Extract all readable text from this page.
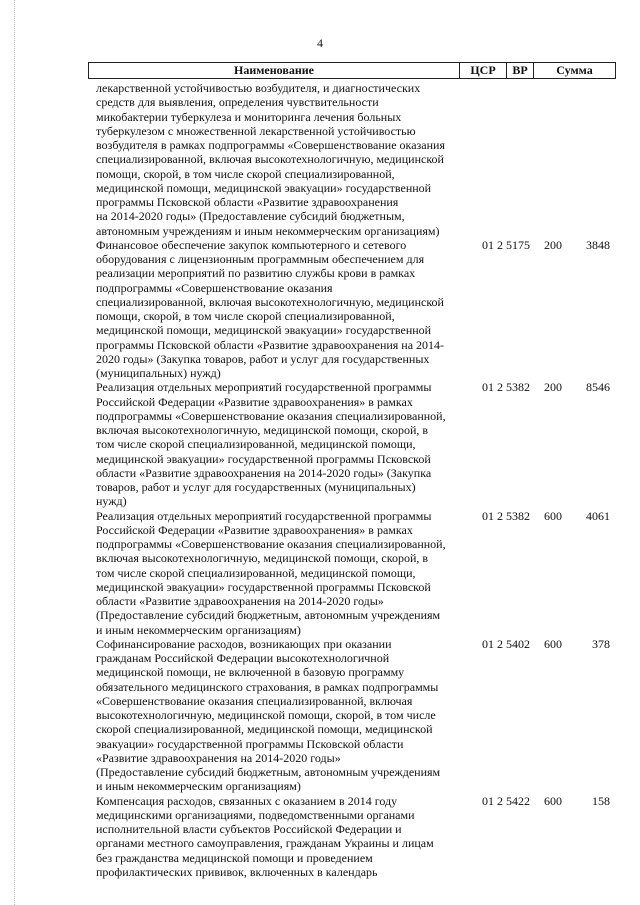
4
Наименование	ЦСР	ВР	Сумма
лекарственной устойчивостью возбудителя, и диагностических
средств для выявления, определения чувствительности
микобактерии туберкулеза и мониторинга лечения больных
туберкулезом с множественной лекарственной устойчивостью
возбудителя в рамках подпрограммы «Совершенствование оказания
специализированной, включая высокотехнологичную, медицинской
помощи, скорой, в том числе скорой специализированной,
медицинской помощи, медицинской эвакуации» государственной
программы Псковской области «Развитие здравоохранения
на 2014-2020 годы» (Предоставление субсидий бюджетным,
автономным учреждениям и иным некоммерческим организациям)
Финансовое обеспечение закупок компьютерного и сетевого
оборудования с лицензионным программным обеспечением для
реализации мероприятий по развитию службы крови в рамках
подпрограммы «Совершенствование оказания
специализированной, включая высокотехнологичную, медицинской
помощи, скорой, в том числе скорой специализированной,
медицинской помощи, медицинской эвакуации» государственной
программы Псковской области «Развитие здравоохранения на 2014-
2020 годы» (Закупка товаров, работ и услуг для государственных
(муниципальных) нужд)
01 2 5175	200	3848
Реализация отдельных мероприятий государственной программы
Российской Федерации «Развитие здравоохранения» в рамках
подпрограммы «Совершенствование оказания специализированной,
включая высокотехнологичную, медицинской помощи, скорой, в
том числе скорой специализированной, медицинской помощи,
медицинской эвакуации» государственной программы Псковской
области «Развитие здравоохранения на 2014-2020 годы» (Закупка
товаров, работ и услуг для государственных (муниципальных)
нужд)
01 2 5382	200	8546
Реализация отдельных мероприятий государственной программы
Российской Федерации «Развитие здравоохранения» в рамках
подпрограммы «Совершенствование оказания специализированной,
включая высокотехнологичную, медицинской помощи, скорой, в
том числе скорой специализированной, медицинской помощи,
медицинской эвакуации» государственной программы Псковской
области «Развитие здравоохранения на 2014-2020 годы»
(Предоставление субсидий бюджетным, автономным учреждениям
и иным некоммерческим организациям)
01 2 5382	600	4061
Софинансирование расходов, возникающих при оказании
гражданам Российской Федерации высокотехнологичной
медицинской помощи, не включенной в базовую программу
обязательного медицинского страхования, в рамках подпрограммы
«Совершенствование оказания специализированной, включая
высокотехнологичную, медицинской помощи, скорой, в том числе
скорой специализированной, медицинской помощи, медицинской
эвакуации» государственной программы Псковской области
«Развитие здравоохранения на 2014-2020 годы»
(Предоставление субсидий бюджетным, автономным учреждениям
и иным некоммерческим организациям)
01 2 5402	600	378
Компенсация расходов, связанных с оказанием в 2014 году
медицинскими организациями, подведомственными органами
исполнительной власти субъектов Российской Федерации и
органами местного самоуправления, гражданам Украины и лицам
без гражданства медицинской помощи и проведением
профилактических прививок, включенных в календарь
01 2 5422	600	158
